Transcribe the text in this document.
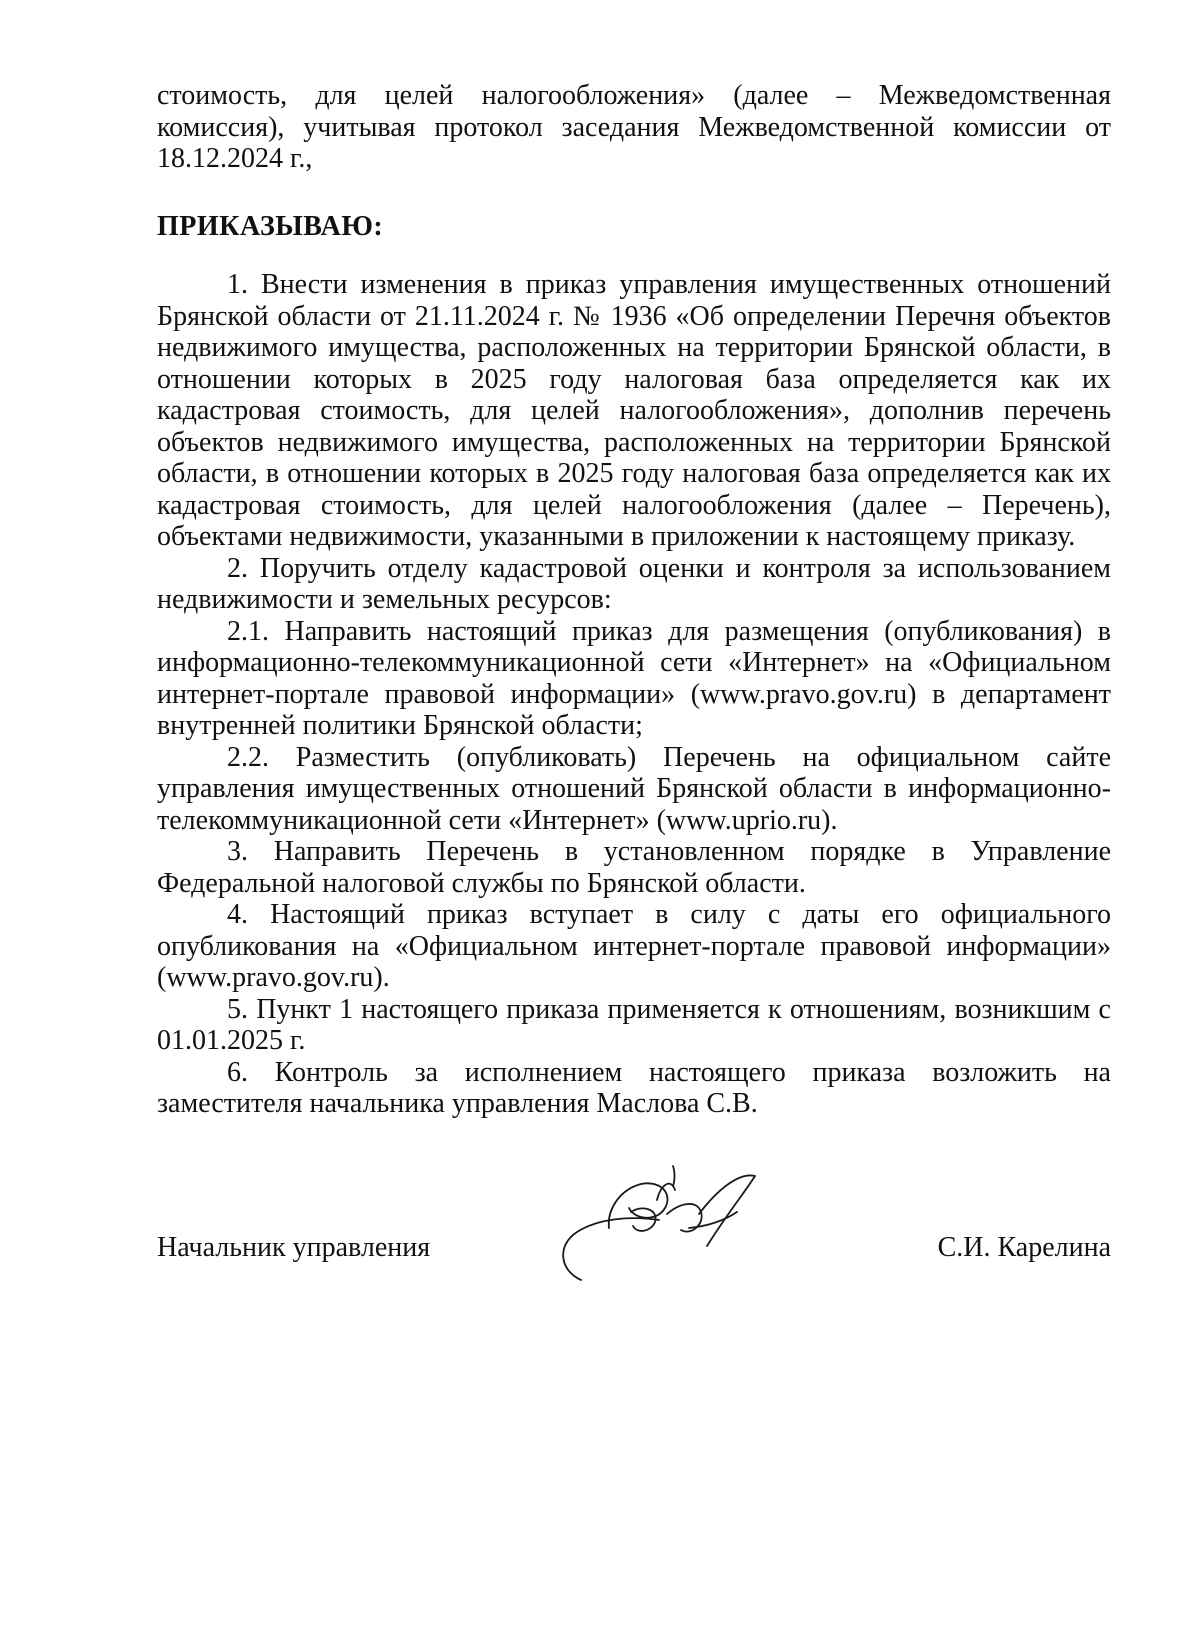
стоимость, для целей налогообложения» (далее – Межведомственная комиссия), учитывая протокол заседания Межведомственной комиссии от 18.12.2024 г.,

ПРИКАЗЫВАЮ:

1. Внести изменения в приказ управления имущественных отношений Брянской области от 21.11.2024 г. № 1936 «Об определении Перечня объектов недвижимого имущества, расположенных на территории Брянской области, в отношении которых в 2025 году налоговая база определяется как их кадастровая стоимость, для целей налогообложения», дополнив перечень объектов недвижимого имущества, расположенных на территории Брянской области, в отношении которых в 2025 году налоговая база определяется как их кадастровая стоимость, для целей налогообложения (далее – Перечень), объектами недвижимости, указанными в приложении к настоящему приказу.

2. Поручить отделу кадастровой оценки и контроля за использованием недвижимости и земельных ресурсов:

2.1. Направить настоящий приказ для размещения (опубликования) в информационно-телекоммуникационной сети «Интернет» на «Официальном интернет-портале правовой информации» (www.pravo.gov.ru) в департамент внутренней политики Брянской области;

2.2. Разместить (опубликовать) Перечень на официальном сайте управления имущественных отношений Брянской области в информационно-телекоммуникационной сети «Интернет» (www.uprio.ru).

3. Направить Перечень в установленном порядке в Управление Федеральной налоговой службы по Брянской области.

4. Настоящий приказ вступает в силу с даты его официального опубликования на «Официальном интернет-портале правовой информации» (www.pravo.gov.ru).

5. Пункт 1 настоящего приказа применяется к отношениям, возникшим с 01.01.2025 г.

6. Контроль за исполнением настоящего приказа возложить на заместителя начальника управления Маслова С.В.

Начальник управления	С.И. Карелина
